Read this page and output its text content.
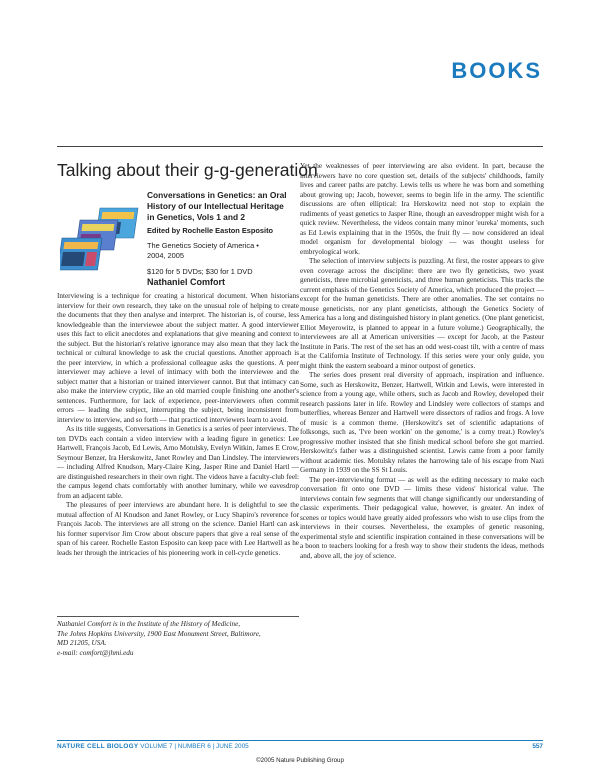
BOOKS
Talking about their g-g-generation
Conversations in Genetics: an Oral
History of our Intellectual Heritage
in Genetics, Vols 1 and 2
Edited by Rochelle Easton Esposito
The Genetics Society of America •
2004, 2005
$120 for 5 DVDs; $30 for 1 DVD
Nathaniel Comfort

Interviewing is a technique for creating a historical document. When historians interview for their own research, they take on the unusual role of helping to create the documents that they then analyse and interpret. The historian is, of course, less knowledgeable than the interviewee about the subject matter. A good interviewer uses this fact to elicit anecdotes and explanations that give meaning and context to the subject. But the historian's relative ignorance may also mean that they lack the technical or cultural knowledge to ask the crucial questions. Another approach is the peer interview, in which a professional colleague asks the questions. A peer interviewer may achieve a level of intimacy with both the interviewee and the subject matter that a historian or trained interviewer cannot. But that intimacy can also make the interview cryptic, like an old married couple finishing one another's sentences. Furthermore, for lack of experience, peer-interviewers often commit errors — leading the subject, interrupting the subject, being inconsistent from interview to interview, and so forth — that practiced interviewers learn to avoid.

As its title suggests, Conversations in Genetics is a series of peer interviews. The ten DVDs each contain a video interview with a leading figure in genetics: Lee Hartwell, François Jacob, Ed Lewis, Arno Motulsky, Evelyn Witkin, James E Crow, Seymour Benzer, Ira Herskowitz, Janet Rowley and Dan Lindsley. The interviewers — including Alfred Knudson, Mary-Claire King, Jasper Rine and Daniel Hartl — are distinguished researchers in their own right. The videos have a faculty-club feel: the campus legend chats comfortably with another luminary, while we eavesdrop from an adjacent table.

The pleasures of peer interviews are abundant here. It is delightful to see the mutual affection of Al Knudson and Janet Rowley, or Lucy Shapiro's reverence for François Jacob. The interviews are all strong on the science. Daniel Hartl can ask his former supervisor Jim Crow about obscure papers that give a real sense of the span of his career. Rochelle Easton Esposito can keep pace with Lee Hartwell as he leads her through the intricacies of his pioneering work in cell-cycle genetics.

Nathaniel Comfort is in the Institute of the History of Medicine,
The Johns Hopkins University, 1900 East Monument Street, Baltimore,
MD 21205, USA.
e-mail: comfort@jhmi.edu

Yet the weaknesses of peer interviewing are also evident. In part, because the interviewers have no core question set, details of the subjects' childhoods, family lives and career paths are patchy. Lewis tells us where he was born and something about growing up; Jacob, however, seems to begin life in the army. The scientific discussions are often elliptical: Ira Herskowitz need not stop to explain the rudiments of yeast genetics to Jasper Rine, though an eavesdropper might wish for a quick review. Nevertheless, the videos contain many minor 'eureka' moments, such as Ed Lewis explaining that in the 1950s, the fruit fly — now considered an ideal model organism for developmental biology — was thought useless for embryological work.

The selection of interview subjects is puzzling. At first, the roster appears to give even coverage across the discipline: there are two fly geneticists, two yeast geneticists, three microbial geneticists, and three human geneticists. This tracks the current emphasis of the Genetics Society of America, which produced the project — except for the human geneticists. There are other anomalies. The set contains no mouse geneticists, nor any plant geneticists, although the Genetics Society of America has a long and distinguished history in plant genetics. (One plant geneticist, Elliot Meyerowitz, is planned to appear in a future volume.) Geographically, the interviewees are all at American universities — except for Jacob, at the Pasteur Institute in Paris. The rest of the set has an odd west-coast tilt, with a centre of mass at the California Institute of Technology. If this series were your only guide, you might think the eastern seaboard a minor outpost of genetics.

The series does present real diversity of approach, inspiration and influence. Some, such as Herskowitz, Benzer, Hartwell, Witkin and Lewis, were interested in science from a young age, while others, such as Jacob and Rowley, developed their research passions later in life. Rowley and Lindsley were collectors of stamps and butterflies, whereas Benzer and Hartwell were dissectors of radios and frogs. A love of music is a common theme. (Herskowitz's set of scientific adaptations of folksongs, such as, 'I've been workin' on the genome,' is a corny treat.) Rowley's progressive mother insisted that she finish medical school before she got married. Herskowitz's father was a distinguished scientist. Lewis came from a poor family without academic ties. Motulsky relates the harrowing tale of his escape from Nazi Germany in 1939 on the SS St Louis.

The peer-interviewing format — as well as the editing necessary to make each conversation fit onto one DVD — limits these videos' historical value. The interviews contain few segments that will change significantly our understanding of classic experiments. Their pedagogical value, however, is greater. An index of scenes or topics would have greatly aided professors who wish to use clips from the interviews in their courses. Nevertheless, the examples of genetic reasoning, experimental style and scientific inspiration contained in these conversations will be a boon to teachers looking for a fresh way to show their students the ideas, methods and, above all, the joy of science.

NATURE CELL BIOLOGY VOLUME 7 | NUMBER 6 | JUNE 2005	557
©2005 Nature Publishing Group
